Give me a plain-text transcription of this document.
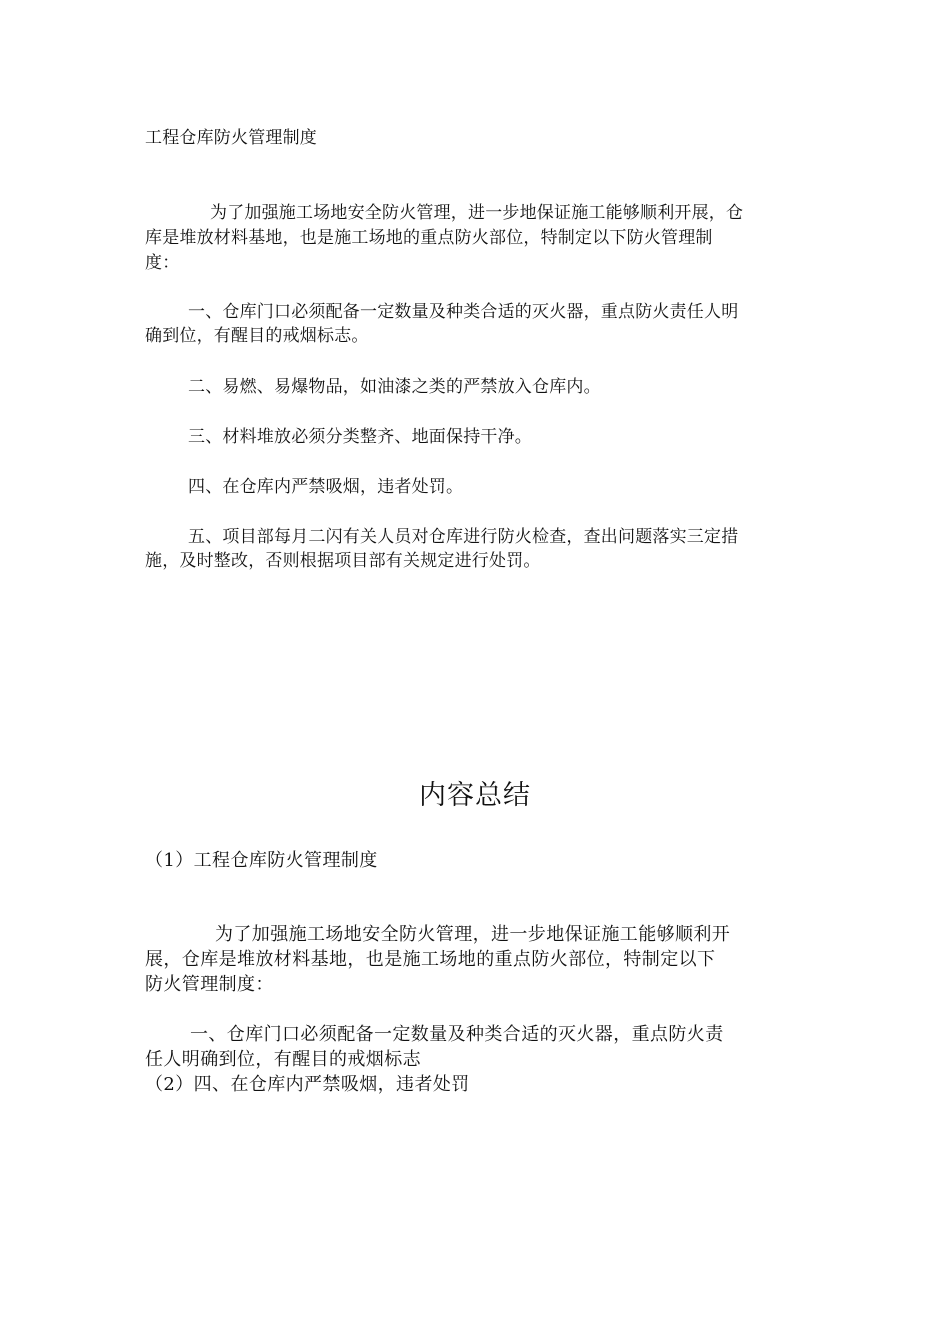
工程仓库防火管理制度
为了加强施工场地安全防火管理，进一步地保证施工能够顺利开展，仓
库是堆放材料基地，也是施工场地的重点防火部位，特制定以下防火管理制
度：
一、仓库门口必须配备一定数量及种类合适的灭火器，重点防火责任人明
确到位，有醒目的戒烟标志。
二、易燃、易爆物品，如油漆之类的严禁放入仓库内。
三、材料堆放必须分类整齐、地面保持干净。
四、在仓库内严禁吸烟，违者处罚。
五、项目部每月二闪有关人员对仓库进行防火检查，查出问题落实三定措
施，及时整改，否则根据项目部有关规定进行处罚。
内容总结
（1）工程仓库防火管理制度
为了加强施工场地安全防火管理，进一步地保证施工能够顺利开
展，仓库是堆放材料基地，也是施工场地的重点防火部位，特制定以下
防火管理制度：
一、仓库门口必须配备一定数量及种类合适的灭火器，重点防火责
任人明确到位，有醒目的戒烟标志
（2）四、在仓库内严禁吸烟，违者处罚
